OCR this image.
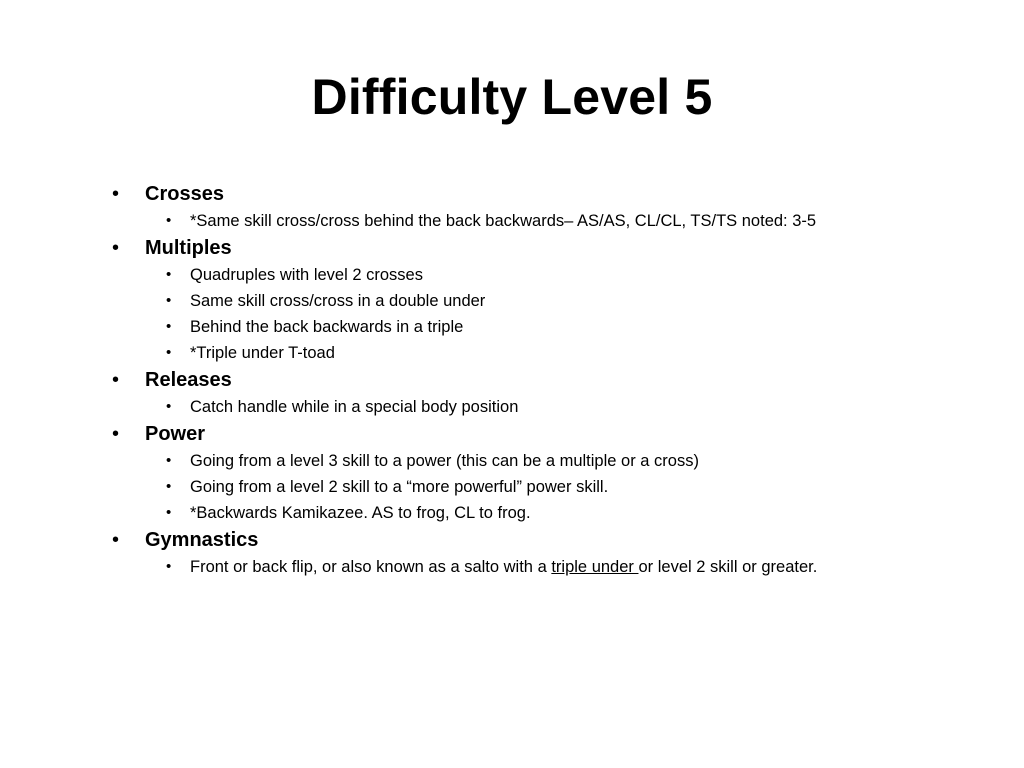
Difficulty Level 5
• Crosses
• *Same skill cross/cross behind the back backwards– AS/AS, CL/CL, TS/TS noted: 3-5
• Multiples
• Quadruples with level 2 crosses
• Same skill cross/cross in a double under
• Behind the back backwards in a triple
• *Triple under T-toad
• Releases
• Catch handle while in a special body position
• Power
• Going from a level 3 skill to a power (this can be a multiple or a cross)
• Going from a level 2 skill to a “more powerful” power skill.
• *Backwards Kamikazee. AS to frog, CL to frog.
• Gymnastics
• Front or back flip, or also known as a salto with a triple under or level 2 skill or greater.
